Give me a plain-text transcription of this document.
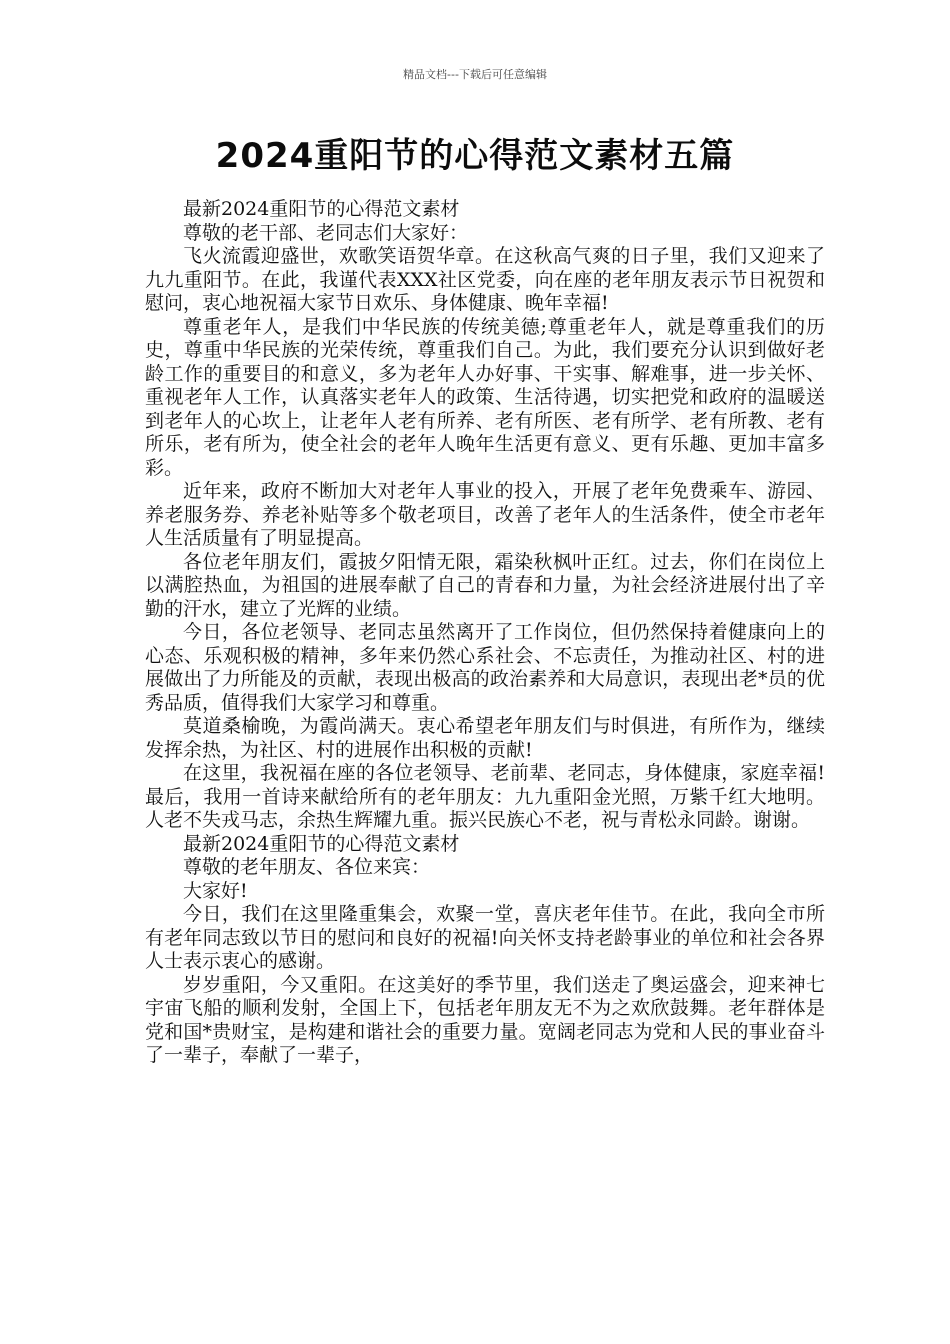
精品文档---下载后可任意编辑
2024重阳节的心得范文素材五篇

最新2024重阳节的心得范文素材

尊敬的老干部、老同志们大家好：

飞火流霞迎盛世，欢歌笑语贺华章。在这秋高气爽的日子里，我们又迎来了九九重阳节。在此，我谨代表XXX社区党委，向在座的老年朋友表示节日祝贺和慰问，衷心地祝福大家节日欢乐、身体健康、晚年幸福!

尊重老年人，是我们中华民族的传统美德;尊重老年人，就是尊重我们的历史，尊重中华民族的光荣传统，尊重我们自己。为此，我们要充分认识到做好老龄工作的重要目的和意义，多为老年人办好事、干实事、解难事，进一步关怀、重视老年人工作，认真落实老年人的政策、生活待遇，切实把党和政府的温暖送到老年人的心坎上，让老年人老有所养、老有所医、老有所学、老有所教、老有所乐，老有所为，使全社会的老年人晚年生活更有意义、更有乐趣、更加丰富多彩。

近年来，政府不断加大对老年人事业的投入，开展了老年免费乘车、游园、养老服务券、养老补贴等多个敬老项目，改善了老年人的生活条件，使全市老年人生活质量有了明显提高。

各位老年朋友们，霞披夕阳情无限，霜染秋枫叶正红。过去，你们在岗位上以满腔热血，为祖国的进展奉献了自己的青春和力量，为社会经济进展付出了辛勤的汗水，建立了光辉的业绩。

今日，各位老领导、老同志虽然离开了工作岗位，但仍然保持着健康向上的心态、乐观积极的精神，多年来仍然心系社会、不忘责任，为推动社区、村的进展做出了力所能及的贡献，表现出极高的政治素养和大局意识，表现出老*员的优秀品质，值得我们大家学习和尊重。

莫道桑榆晚，为霞尚满天。衷心希望老年朋友们与时俱进，有所作为，继续发挥余热，为社区、村的进展作出积极的贡献!

在这里，我祝福在座的各位老领导、老前辈、老同志，身体健康，家庭幸福!最后，我用一首诗来献给所有的老年朋友：九九重阳金光照，万紫千红大地明。人老不失戎马志，余热生辉耀九重。振兴民族心不老，祝与青松永同龄。谢谢。

最新2024重阳节的心得范文素材

尊敬的老年朋友、各位来宾：

大家好!

今日，我们在这里隆重集会，欢聚一堂，喜庆老年佳节。在此，我向全市所有老年同志致以节日的慰问和良好的祝福!向关怀支持老龄事业的单位和社会各界人士表示衷心的感谢。

岁岁重阳，今又重阳。在这美好的季节里，我们送走了奥运盛会，迎来神七宇宙飞船的顺利发射，全国上下，包括老年朋友无不为之欢欣鼓舞。老年群体是党和国*贵财宝，是构建和谐社会的重要力量。宽阔老同志为党和人民的事业奋斗了一辈子，奉献了一辈子，
